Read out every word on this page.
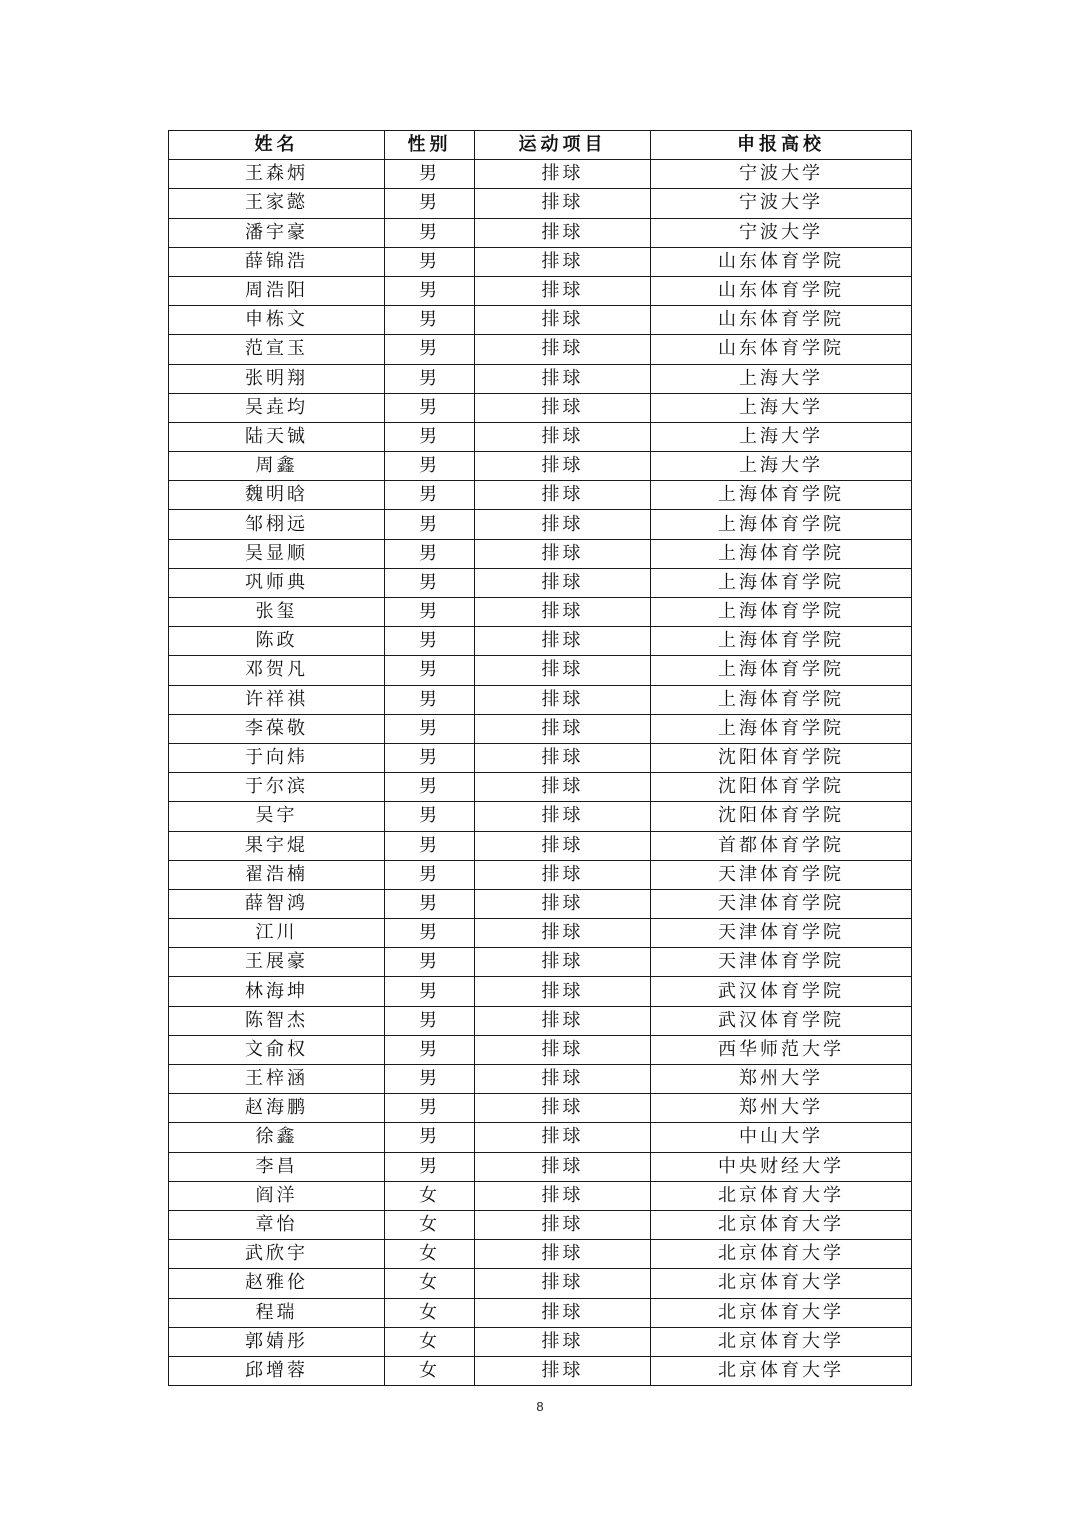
姓名	性别	运动项目	申报高校
王森炳	男	排球	宁波大学
王家懿	男	排球	宁波大学
潘宇豪	男	排球	宁波大学
薛锦浩	男	排球	山东体育学院
周浩阳	男	排球	山东体育学院
申栋文	男	排球	山东体育学院
范宣玉	男	排球	山东体育学院
张明翔	男	排球	上海大学
吴垚均	男	排球	上海大学
陆天铖	男	排球	上海大学
周鑫	男	排球	上海大学
魏明晗	男	排球	上海体育学院
邹栩远	男	排球	上海体育学院
吴显顺	男	排球	上海体育学院
巩师典	男	排球	上海体育学院
张玺	男	排球	上海体育学院
陈政	男	排球	上海体育学院
邓贺凡	男	排球	上海体育学院
许祥祺	男	排球	上海体育学院
李葆敬	男	排球	上海体育学院
于向炜	男	排球	沈阳体育学院
于尔滨	男	排球	沈阳体育学院
吴宇	男	排球	沈阳体育学院
果宇焜	男	排球	首都体育学院
翟浩楠	男	排球	天津体育学院
薛智鸿	男	排球	天津体育学院
江川	男	排球	天津体育学院
王展豪	男	排球	天津体育学院
林海坤	男	排球	武汉体育学院
陈智杰	男	排球	武汉体育学院
文俞权	男	排球	西华师范大学
王梓涵	男	排球	郑州大学
赵海鹏	男	排球	郑州大学
徐鑫	男	排球	中山大学
李昌	男	排球	中央财经大学
阎洋	女	排球	北京体育大学
章怡	女	排球	北京体育大学
武欣宇	女	排球	北京体育大学
赵雅伦	女	排球	北京体育大学
程瑞	女	排球	北京体育大学
郭婧彤	女	排球	北京体育大学
邱增蓉	女	排球	北京体育大学
8
